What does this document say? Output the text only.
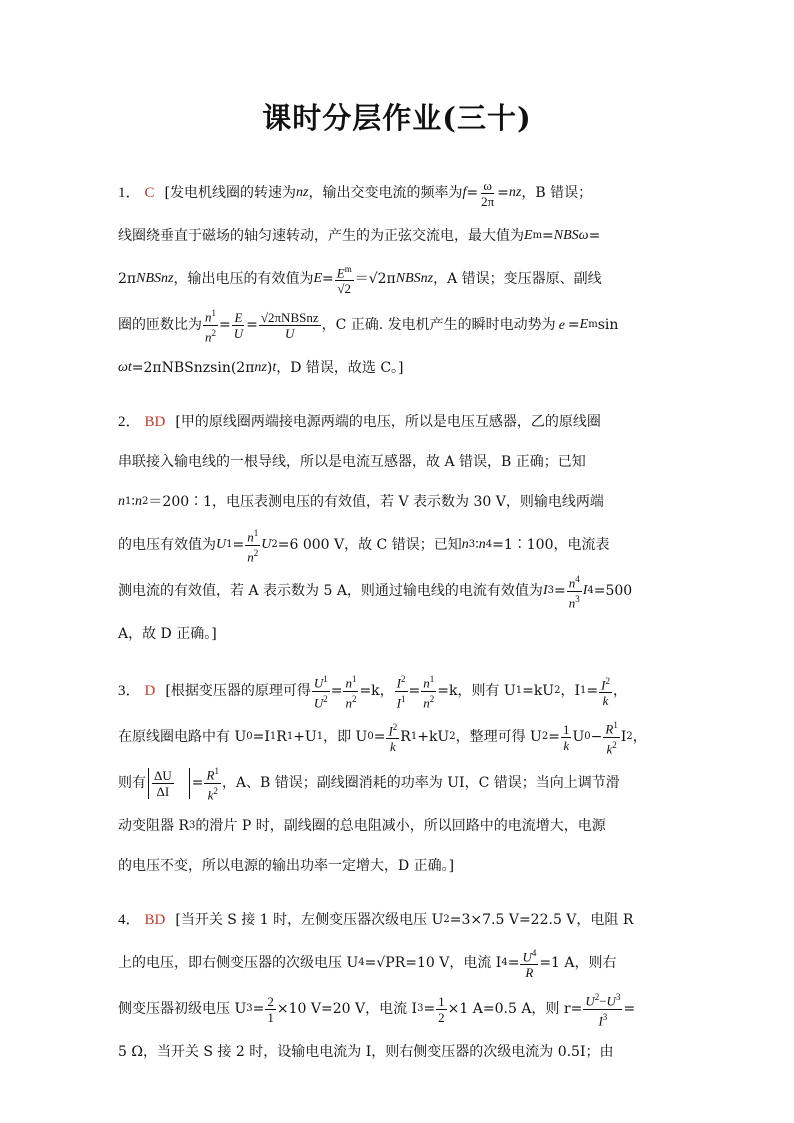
课时分层作业(三十)
1． C [发电机线圈的转速为 nz ，输出交变电流的频率为 $f = \frac{\omega}{2\pi}$ = nz ，B 错误；
线圈绕垂直于磁场的轴匀速转动，产生的为正弦交流电，最大值为 E m = NBSω =
2π NBSnz ，输出电压的有效值为 $E = \frac{E^m}{√2} =√2\pi$ NBSnz ，A 错误；变压器原、副线
圈的匝数比为 $\frac{n^1}{n^2} = \frac{E}{U} = \frac{\text{√2πNBSnz}}{U}$ ，C 正确. 发电机产生的瞬时电动势为 e = E m sin
ω t = 2πNBSnz sin(2π nz ) t ，D 错误，故选 C。]
2． BD [甲的原线圈两端接电源两端的电压，所以是电压互感器，乙的原线圈
串联接入输电线的一根导线，所以是电流互感器，故 A 错误，B 正确；已知
n 1 ∶ n 2 ＝200∶1，电压表测电压的有效值，若 V 表示数为 30 V，则输电线两端
的电压有效值为 U $1 = \frac{n^1}{n^2}$ U 2 =6 000 V，故 C 错误；已知 n 3 ∶ n 4 =1∶100，电流表
测电流的有效值，若 A 表示数为 5 A，则通过输电线的电流有效值为 I $3 = \frac{n^4}{n^3}$ I 4 =500
A，故 D 正确。]
3． D [根据变压器的原理可得 $\frac{U^1}{U^2} = \frac{n^1}{n^2} =k$， $\frac{I^2}{I^1} = \frac{n^1}{n^2} =k$，则有 U 1 =kU 2 ，I $1 = \frac{I^2}{k}$ ，
在原线圈电路中有 U 0 =I 1 R 1 +U 1 ，即 U $0 = \frac{I^2}{k}$ R 1 +kU 2 ，整理可得 U $2 = \frac{1}{k}$ U $0 - \frac{R^1}{k^2}$ I 2 ，
则有 $\frac{\Delta U}{\Delta I} = \frac{R^1}{k^2}$ ，A、B 错误；副线圈消耗的功率为 UI，C 错误；当向上调节滑
动变阻器 R 3 的滑片 P 时，副线圈的总电阻减小，所以回路中的电流增大，电源
的电压不变，所以电源的输出功率一定增大，D 正确。]
4． BD [当开关 S 接 1 时，左侧变压器次级电压 U 2 =3×7.5 V=22.5 V，电阻 R
上的电压，即右侧变压器的次级电压 U 4 =√PR=10 V，电流 I $4 = \frac{U^4}{R} =1$ A，则右
侧变压器初级电压 U $3 = \frac{2}{1} \times 10$ V=20 V，电流 I $3 = \frac{1}{2} \times 1$ A=0.5 A，则 $r= \frac{U^2-U^3}{I^3}$ =
5 Ω，当开关 S 接 2 时，设输电电流为 I，则右侧变压器的次级电流为 0.5I；由
